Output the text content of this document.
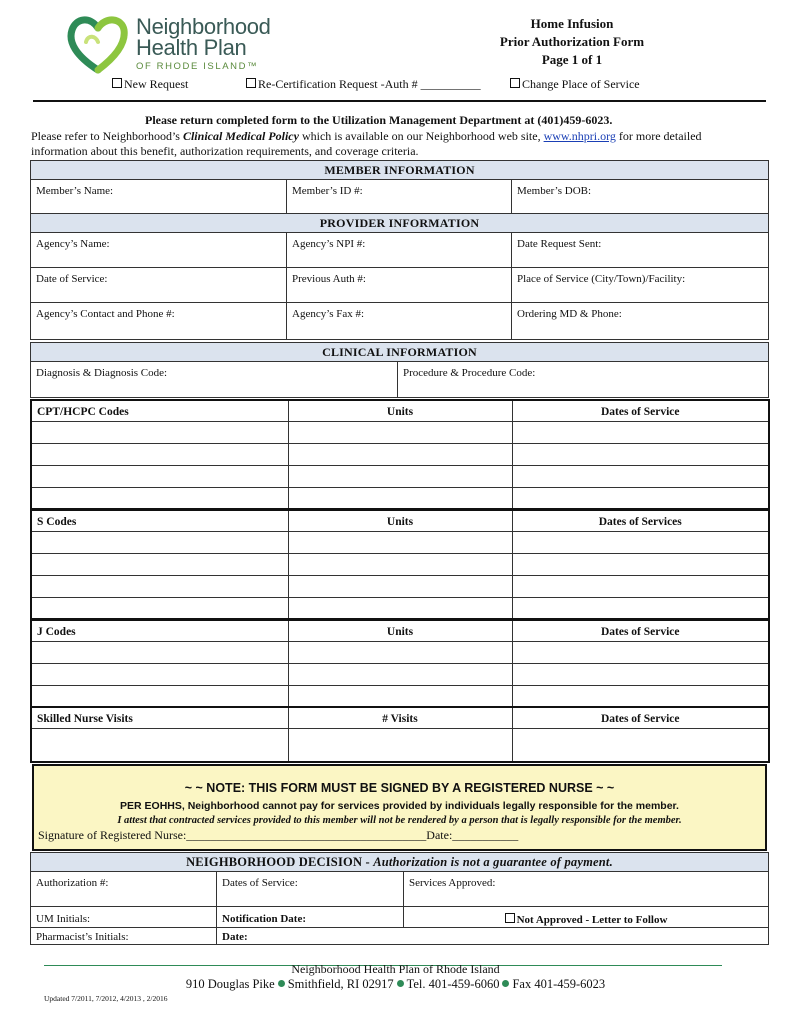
Neighborhood
Health Plan
OF RHODE ISLAND™
Home Infusion
Prior Authorization Form
Page 1 of 1
New Request	Re-Certification Request -Auth # __________	Change Place of Service
Please return completed form to the Utilization Management Department at (401)459-6023.
Please refer to Neighborhood’s Clinical Medical Policy which is available on our Neighborhood web site, www.nhpri.org for more detailed
information about this benefit, authorization requirements, and coverage criteria.
MEMBER INFORMATION		
Member’s Name:	Member’s ID #:	Member’s DOB:
PROVIDER INFORMATION		
Agency’s Name:	Agency’s NPI #:	Date Request Sent:
Date of Service:	Previous Auth #:	Place of Service (City/Town)/Facility:
Agency’s Contact and Phone #:	Agency’s Fax #:	Ordering MD & Phone:
CLINICAL INFORMATION
Diagnosis & Diagnosis Code:	Procedure & Procedure Code:
CPT/HCPC Codes	Units	Dates of Service

S Codes	Units	Dates of Services

J Codes	Units	Dates of Service

Skilled Nurse Visits	# Visits	Dates of Service

~ ~ NOTE: THIS FORM MUST BE SIGNED BY A REGISTERED NURSE ~ ~
PER EOHHS, Neighborhood cannot pay for services provided by individuals legally responsible for the member.
I attest that contracted services provided to this member will not be rendered by a person that is legally responsible for the member.
Signature of Registered Nurse:________________________________________Date:___________
NEIGHBORHOOD DECISION - Authorization is not a guarantee of payment.		
Authorization #:	Dates of Service:	Services Approved:
UM Initials:	Notification Date:	Not Approved - Letter to Follow
Pharmacist’s Initials:	Date:	
Neighborhood Health Plan of Rhode Island
910 Douglas Pike Smithfield, RI 02917 Tel. 401-459-6060 Fax 401-459-6023
Updated 7/2011, 7/2012, 4/2013 , 2/2016
